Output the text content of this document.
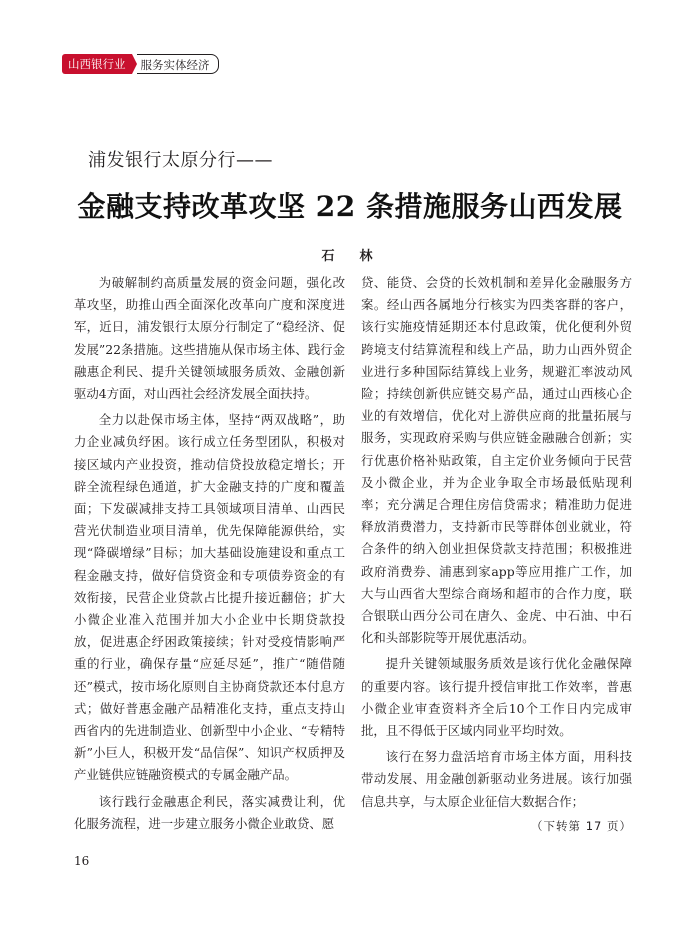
山西银行业	服务实体经济
浦发银行太原分行——
金融支持改革攻坚 22 条措施服务山西发展
石　林

为破解制约高质量发展的资金问题，强化改革攻坚，助推山西全面深化改革向广度和深度进军，近日，浦发银行太原分行制定了“稳经济、促发展”22条措施。这些措施从保市场主体、践行金融惠企利民、提升关键领域服务质效、金融创新驱动4方面，对山西社会经济发展全面扶持。

全力以赴保市场主体，坚持“两双战略”，助力企业减负纾困。该行成立任务型团队，积极对接区域内产业投资，推动信贷投放稳定增长；开辟全流程绿色通道，扩大金融支持的广度和覆盖面；下发碳减排支持工具领域项目清单、山西民营光伏制造业项目清单，优先保障能源供给，实现“降碳增绿”目标；加大基础设施建设和重点工程金融支持，做好信贷资金和专项债券资金的有效衔接，民营企业贷款占比提升接近翻倍；扩大小微企业准入范围并加大小企业中长期贷款投放，促进惠企纾困政策接续；针对受疫情影响严重的行业，确保存量“应延尽延”，推广“随借随还”模式，按市场化原则自主协商贷款还本付息方式；做好普惠金融产品精准化支持，重点支持山西省内的先进制造业、创新型中小企业、“专精特新”小巨人，积极开发“品信保”、知识产权质押及产业链供应链融资模式的专属金融产品。

该行践行金融惠企利民，落实减费让利，优化服务流程，进一步建立服务小微企业敢贷、愿

贷、能贷、会贷的长效机制和差异化金融服务方案。经山西各属地分行核实为四类客群的客户，该行实施疫情延期还本付息政策，优化便利外贸跨境支付结算流程和线上产品，助力山西外贸企业进行多种国际结算线上业务，规避汇率波动风险；持续创新供应链交易产品，通过山西核心企业的有效增信，优化对上游供应商的批量拓展与服务，实现政府采购与供应链金融融合创新；实行优惠价格补贴政策，自主定价业务倾向于民营及小微企业，并为企业争取全市场最低贴现利率；充分满足合理住房信贷需求；精准助力促进释放消费潜力，支持新市民等群体创业就业，符合条件的纳入创业担保贷款支持范围；积极推进政府消费券、浦惠到家app等应用推广工作，加大与山西省大型综合商场和超市的合作力度，联合银联山西分公司在唐久、金虎、中石油、中石化和头部影院等开展优惠活动。

提升关键领域服务质效是该行优化金融保障的重要内容。该行提升授信审批工作效率，普惠小微企业审查资料齐全后10个工作日内完成审批，且不得低于区域内同业平均时效。

该行在努力盘活培育市场主体方面，用科技带动发展、用金融创新驱动业务进展。该行加强信息共享，与太原企业征信大数据合作；

（下转第 17 页）
16
